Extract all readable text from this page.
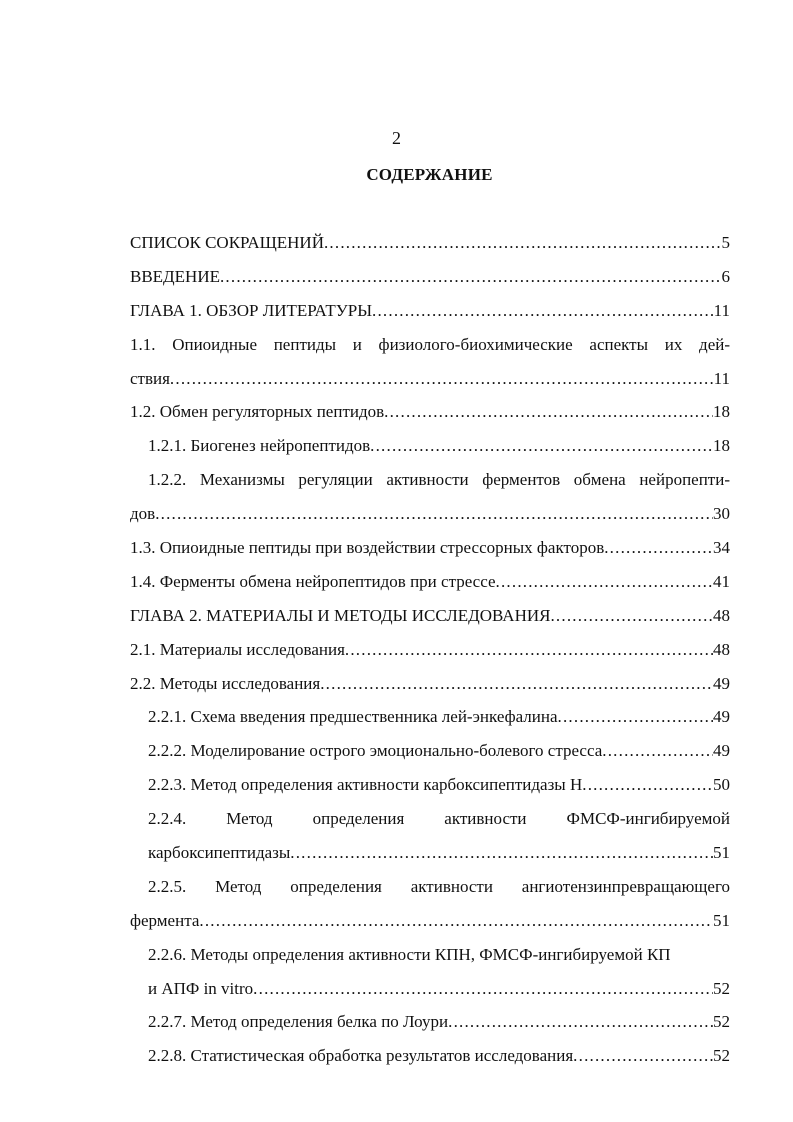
2
СОДЕРЖАНИЕ
СПИСОК СОКРАЩЕНИЙ .....	5
ВВЕДЕНИЕ .....	6
ГЛАВА 1. ОБЗОР ЛИТЕРАТУРЫ .....	11
1.1. Опиоидные пептиды и физиолого-биохимические аспекты их дей-
ствия .....	11
1.2. Обмен регуляторных пептидов .....	18
1.2.1. Биогенез нейропептидов .....	18
1.2.2. Механизмы регуляции активности ферментов обмена нейропепти-
дов .....	30
1.3. Опиоидные пептиды при воздействии стрессорных факторов .....	34
1.4. Ферменты обмена нейропептидов при стрессе .....	41
ГЛАВА 2. МАТЕРИАЛЫ И МЕТОДЫ ИССЛЕДОВАНИЯ .....	48
2.1. Материалы исследования .....	48
2.2. Методы исследования .....	49
2.2.1. Схема введения предшественника лей-энкефалина .....	49
2.2.2. Моделирование острого эмоционально-болевого стресса .....	49
2.2.3. Метод определения активности карбоксипептидазы Н .....	50
2.2.4. Метод определения активности ФМСФ-ингибируемой
карбоксипептидазы .....	51
2.2.5. Метод определения активности ангиотензинпревращающего
фермента .....	51
2.2.6. Методы определения активности КПН, ФМСФ-ингибируемой КП
и АПФ in vitro .....	52
2.2.7. Метод определения белка по Лоури .....	52
2.2.8. Статистическая обработка результатов исследования .....	52
